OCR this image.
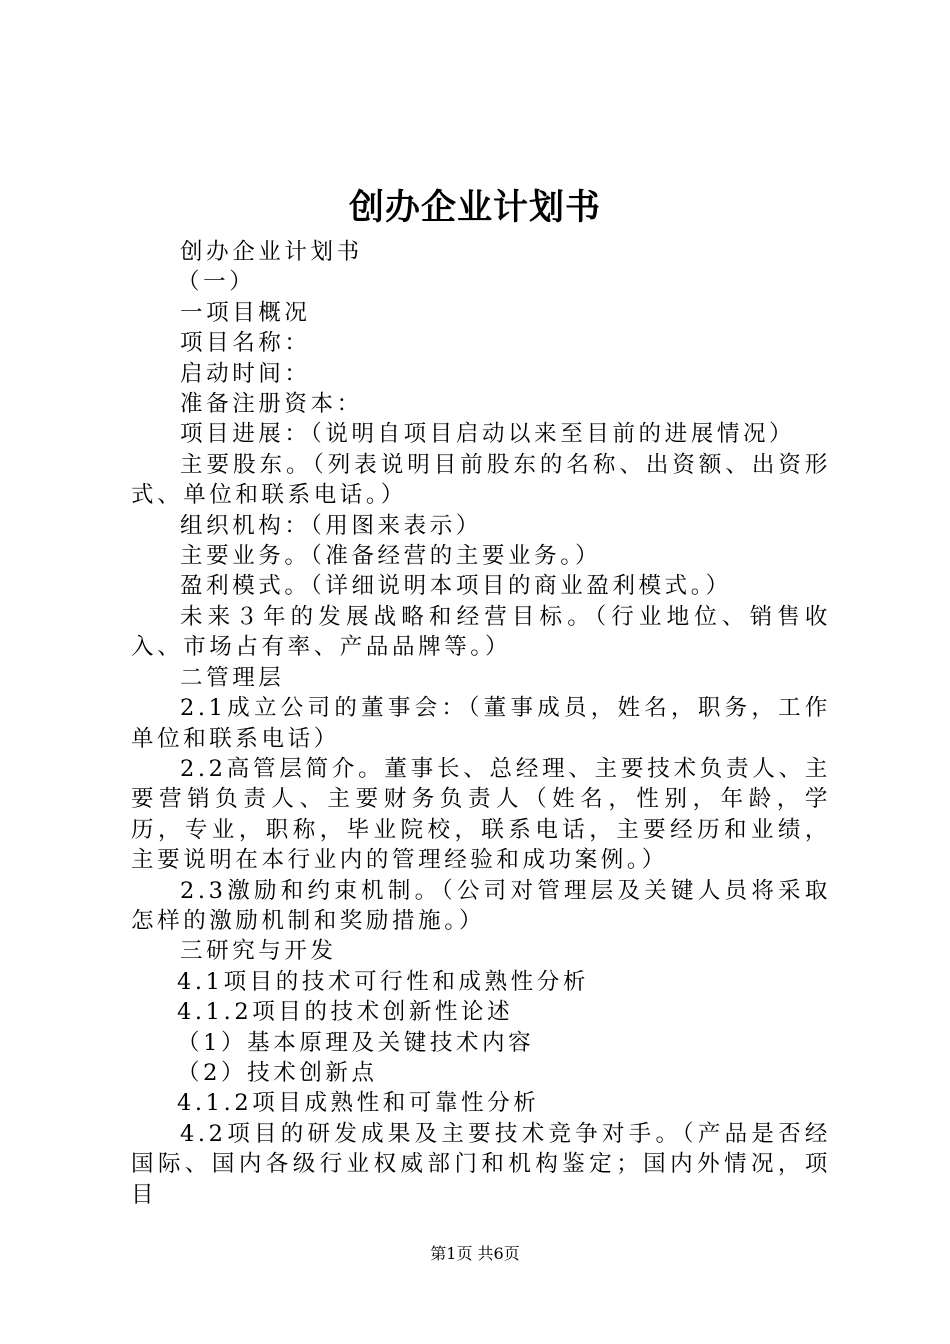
创办企业计划书

创办企业计划书

（一）

一项目概况

项目名称：

启动时间：

准备注册资本：

项目进展：（说明自项目启动以来至目前的进展情况）

主要股东。（列表说明目前股东的名称、出资额、出资形式、单位和联系电话。）

组织机构：（用图来表示）

主要业务。（准备经营的主要业务。）

盈利模式。（详细说明本项目的商业盈利模式。）

未来３年的发展战略和经营目标。（行业地位、销售收入、市场占有率、产品品牌等。）

二管理层

2.1成立公司的董事会：（董事成员，姓名，职务，工作单位和联系电话）

2.2高管层简介。董事长、总经理、主要技术负责人、主要营销负责人、主要财务负责人（姓名，性别，年龄，学历，专业，职称，毕业院校，联系电话，主要经历和业绩，主要说明在本行业内的管理经验和成功案例。）

2.3激励和约束机制。（公司对管理层及关键人员将采取怎样的激励机制和奖励措施。）

三研究与开发

4.1项目的技术可行性和成熟性分析

4.1.2项目的技术创新性论述

（1）基本原理及关键技术内容

（2）技术创新点

4.1.2项目成熟性和可靠性分析

4.2项目的研发成果及主要技术竞争对手。（产品是否经国际、国内各级行业权威部门和机构鉴定；国内外情况，项目

第1页 共6页
